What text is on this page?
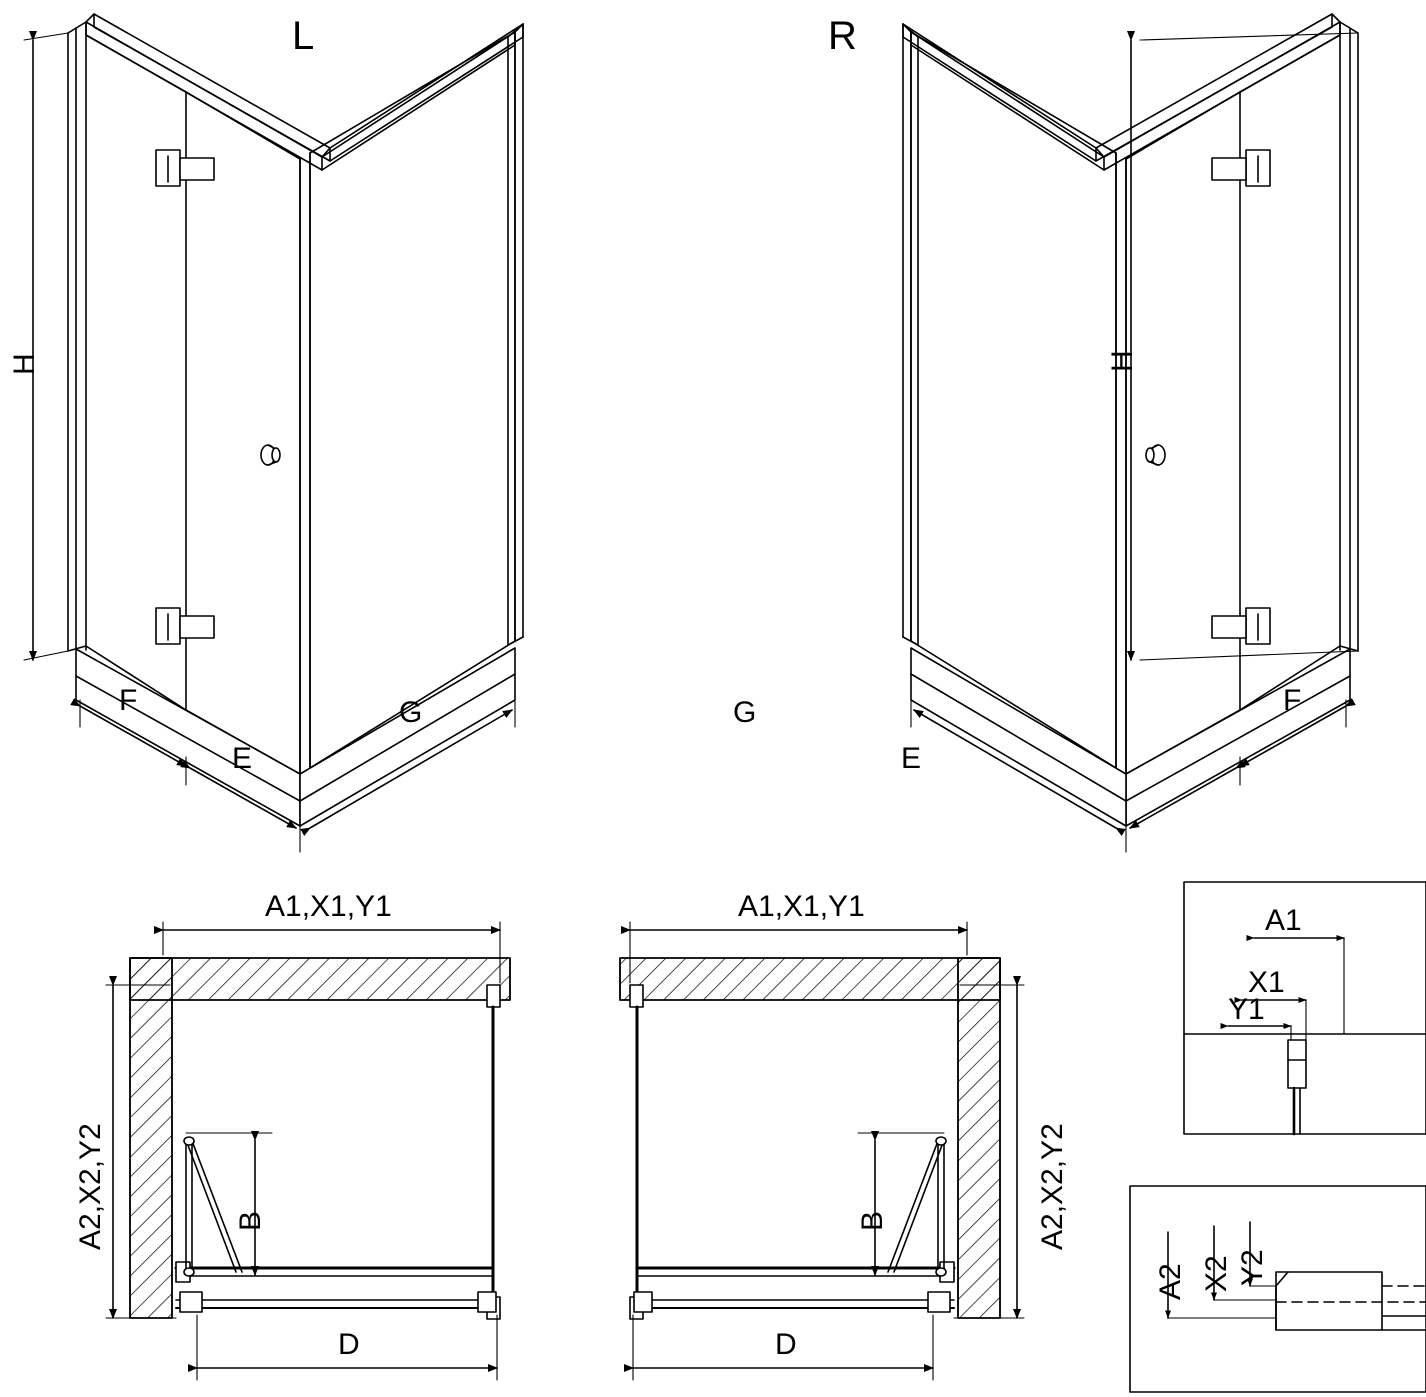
L	R
H	H
F
E
G	F
E
G
A1,X1,Y1
A2,X2,Y2	B
D
A1,X1,Y1
A2,X2,Y2
B
D
A1
X1
Y1
A2 X2 Y2
